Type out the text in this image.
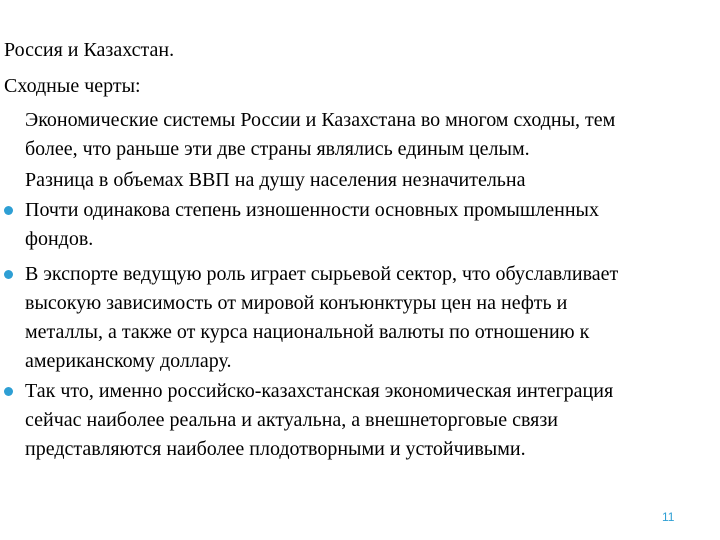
Россия и Казахстан.
Сходные черты:
Экономические системы России и Казахстана во многом сходны, тем
более, что раньше эти две страны являлись единым целым.
Разница в объемах ВВП на душу населения незначительна
Почти одинакова степень изношенности основных промышленных
фондов.
В экспорте ведущую роль играет сырьевой сектор, что обуславливает
высокую зависимость от мировой конъюнктуры цен на нефть и
металлы, а также от курса национальной валюты по отношению к
американскому доллару.
Так что, именно российско-казахстанская экономическая интеграция
сейчас наиболее реальна и актуальна, а внешнеторговые связи
представляются наиболее плодотворными и устойчивыми.
11
